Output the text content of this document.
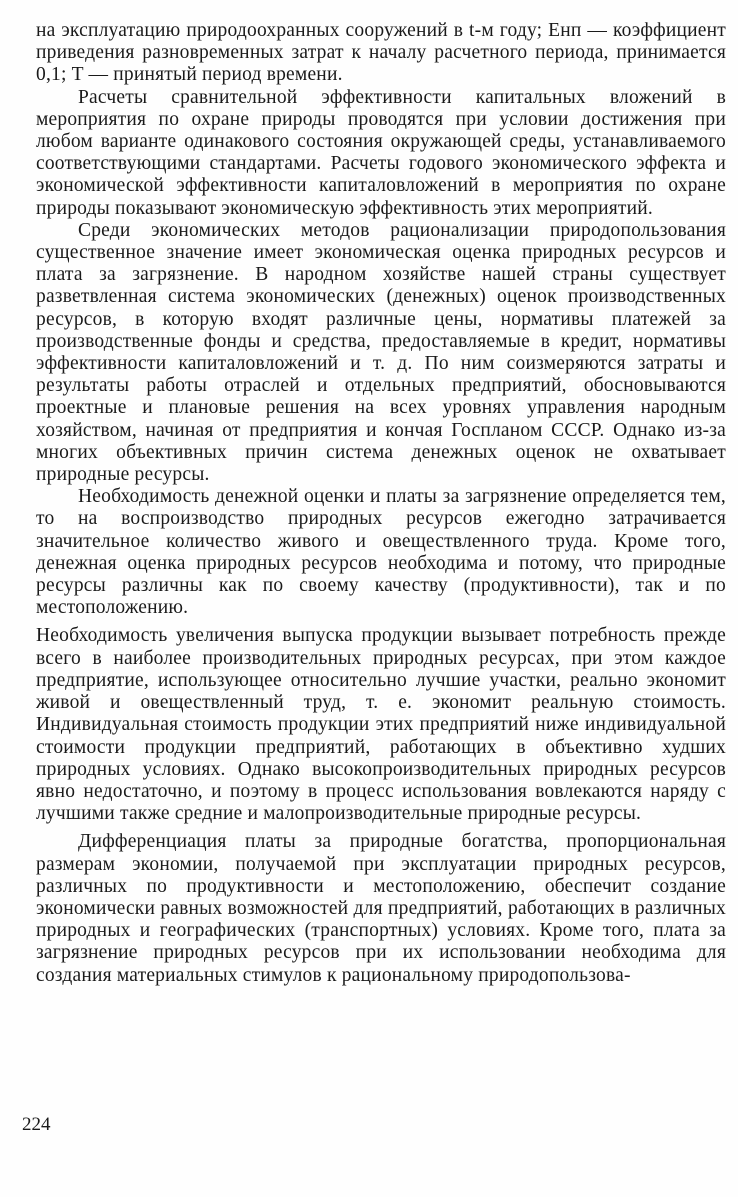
на эксплуатацию природоохранных сооружений в t-м году; Eнп — коэффициент приведения разновременных затрат к началу расчетного периода, принимается 0,1; T — принятый период времени.

Расчеты сравнительной эффективности капитальных вложений в мероприятия по охране природы проводятся при условии достижения при любом варианте одинакового состояния окружающей среды, устанавливаемого соответствующими стандартами. Расчеты годового экономического эффекта и экономической эффективности капиталовложений в мероприятия по охране природы показывают экономическую эффективность этих мероприятий.

Среди экономических методов рационализации природопользования существенное значение имеет экономическая оценка природных ресурсов и плата за загрязнение. В народном хозяйстве нашей страны существует разветвленная система экономических (денежных) оценок производственных ресурсов, в которую входят различные цены, нормативы платежей за производственные фонды и средства, предоставляемые в кредит, нормативы эффективности капиталовложений и т. д. По ним соизмеряются затраты и результаты работы отраслей и отдельных предприятий, обосновываются проектные и плановые решения на всех уровнях управления народным хозяйством, начиная от предприятия и кончая Госпланом СССР. Однако из-за многих объективных причин система денежных оценок не охватывает природные ресурсы.

Необходимость денежной оценки и платы за загрязнение определяется тем, то на воспроизводство природных ресурсов ежегодно затрачивается значительное количество живого и овеществленного труда. Кроме того, денежная оценка природных ресурсов необходима и потому, что природные ресурсы различны как по своему качеству (продуктивности), так и по местоположению.

Необходимость увеличения выпуска продукции вызывает потребность прежде всего в наиболее производительных природных ресурсах, при этом каждое предприятие, использующее относительно лучшие участки, реально экономит живой и овеществленный труд, т. е. экономит реальную стоимость. Индивидуальная стоимость продукции этих предприятий ниже индивидуальной стоимости продукции предприятий, работающих в объективно худших природных условиях. Однако высокопроизводительных природных ресурсов явно недостаточно, и поэтому в процесс использования вовлекаются наряду с лучшими также средние и малопроизводительные природные ресурсы.

Дифференциация платы за природные богатства, пропорциональная размерам экономии, получаемой при эксплуатации природных ресурсов, различных по продуктивности и местоположению, обеспечит создание экономически равных возможностей для предприятий, работающих в различных природных и географических (транспортных) условиях. Кроме того, плата за загрязнение природных ресурсов при их использовании необходима для создания материальных стимулов к рациональному природопользова-

224
